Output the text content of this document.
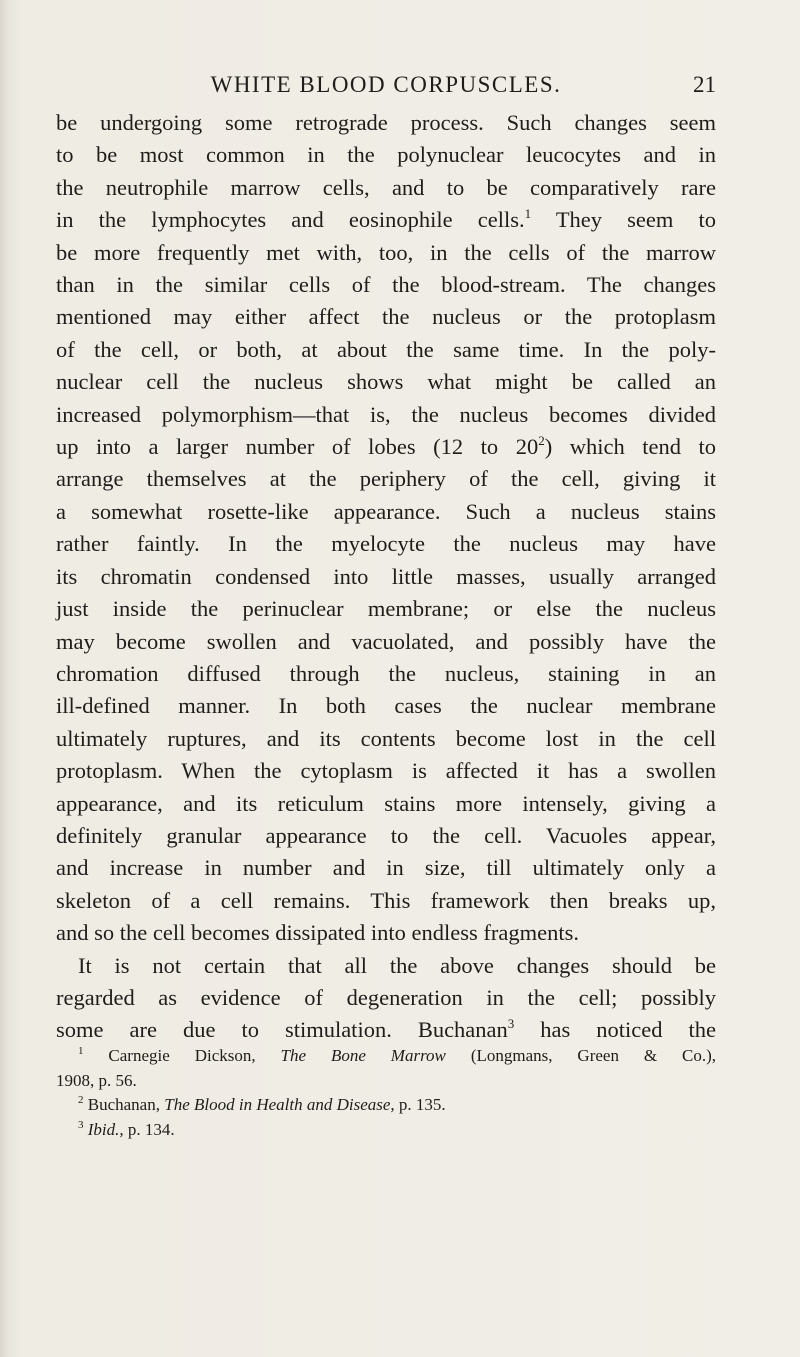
WHITE BLOOD CORPUSCLES.	21
be undergoing some retrograde process. Such changes seem
to be most common in the polynuclear leucocytes and in
the neutrophile marrow cells, and to be comparatively rare
in the lymphocytes and eosinophile cells.$^1$ They seem to
be more frequently met with, too, in the cells of the marrow
than in the similar cells of the blood-stream. The changes
mentioned may either affect the nucleus or the protoplasm
of the cell, or both, at about the same time. In the poly-
nuclear cell the nucleus shows what might be called an
increased polymorphism—that is, the nucleus becomes divided
up into a larger number of lobes (12 to $20^2$) which tend to
arrange themselves at the periphery of the cell, giving it
a somewhat rosette-like appearance. Such a nucleus stains
rather faintly. In the myelocyte the nucleus may have
its chromatin condensed into little masses, usually arranged
just inside the perinuclear membrane; or else the nucleus
may become swollen and vacuolated, and possibly have the
chromation diffused through the nucleus, staining in an
ill-defined manner. In both cases the nuclear membrane
ultimately ruptures, and its contents become lost in the cell
protoplasm. When the cytoplasm is affected it has a swollen
appearance, and its reticulum stains more intensely, giving a
definitely granular appearance to the cell. Vacuoles appear,
and increase in number and in size, till ultimately only a
skeleton of a cell remains. This framework then breaks up,
and so the cell becomes dissipated into endless fragments.
It is not certain that all the above changes should be
regarded as evidence of degeneration in the cell; possibly
some are due to stimulation. Buchanan$^3$ has noticed the
$^1$ Carnegie Dickson, The Bone Marrow (Longmans, Green & Co.),
1908, p. 56.
$^2$ Buchanan, The Blood in Health and Disease, p. 135.
$^3$ Ibid., p. 134.
